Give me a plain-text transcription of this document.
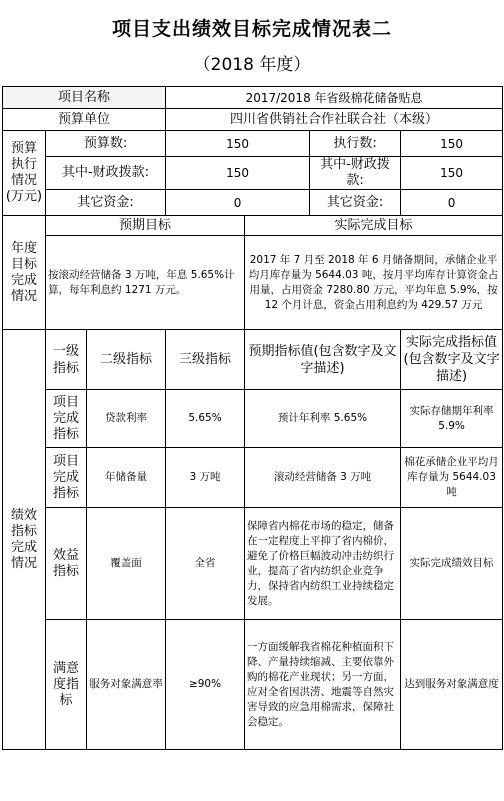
项目支出绩效目标完成情况表二
（2018 年度）
项目名称			2017/2018 年省级棉花储备贴息			
预算单位			四川省供销社合作社联合社（本级）			
预算执行情况(万元)	预算数:		150		执行数:	150
	其中-财政拨款:		150		其中-财政拨款:	150
	其它资金:		0		其它资金:	0
年度目标完成情况	预期目标			实际完成目标		
	按滚动经营储备 3 万吨，年息 5.65%计算，每年利息约 1271 万元。			2017 年 7 月至 2018 年 6 月储备期间，承储企业平均月库存量为 5644.03 吨，按月平均库存计算资金占用量，占用资金 7280.80 万元，平均年息 5.9%，按 12 个月计息，资金占用利息约为 429.57 万元		
绩效指标完成情况	一级指标	二级指标	三级指标	预期指标值(包含数字及文字描述)		实际完成指标值(包含数字及文字描述)
	项目完成指标	贷款利率	5.65%	预计年利率 5.65%		实际存储期年利率 5.9%
	项目完成指标	年储备量	3 万吨	滚动经营储备 3 万吨		棉花承储企业平均月库存量为 5644.03 吨
	效益指标	覆盖面	全省	保障省内棉花市场的稳定，储备在一定程度上平抑了省内棉价，避免了价格巨幅波动冲击纺织行业，提高了省内纺织企业竞争力，保持省内纺织工业持续稳定发展。		实际完成绩效目标
	满意度指标	服务对象满意率	≥90%	一方面缓解我省棉花种植面积下降、产量持续缩减、主要依靠外购的棉花产业现状；另一方面，应对全省因洪涝、地震等自然灾害导致的应急用棉需求，保障社会稳定。		达到服务对象满意度
